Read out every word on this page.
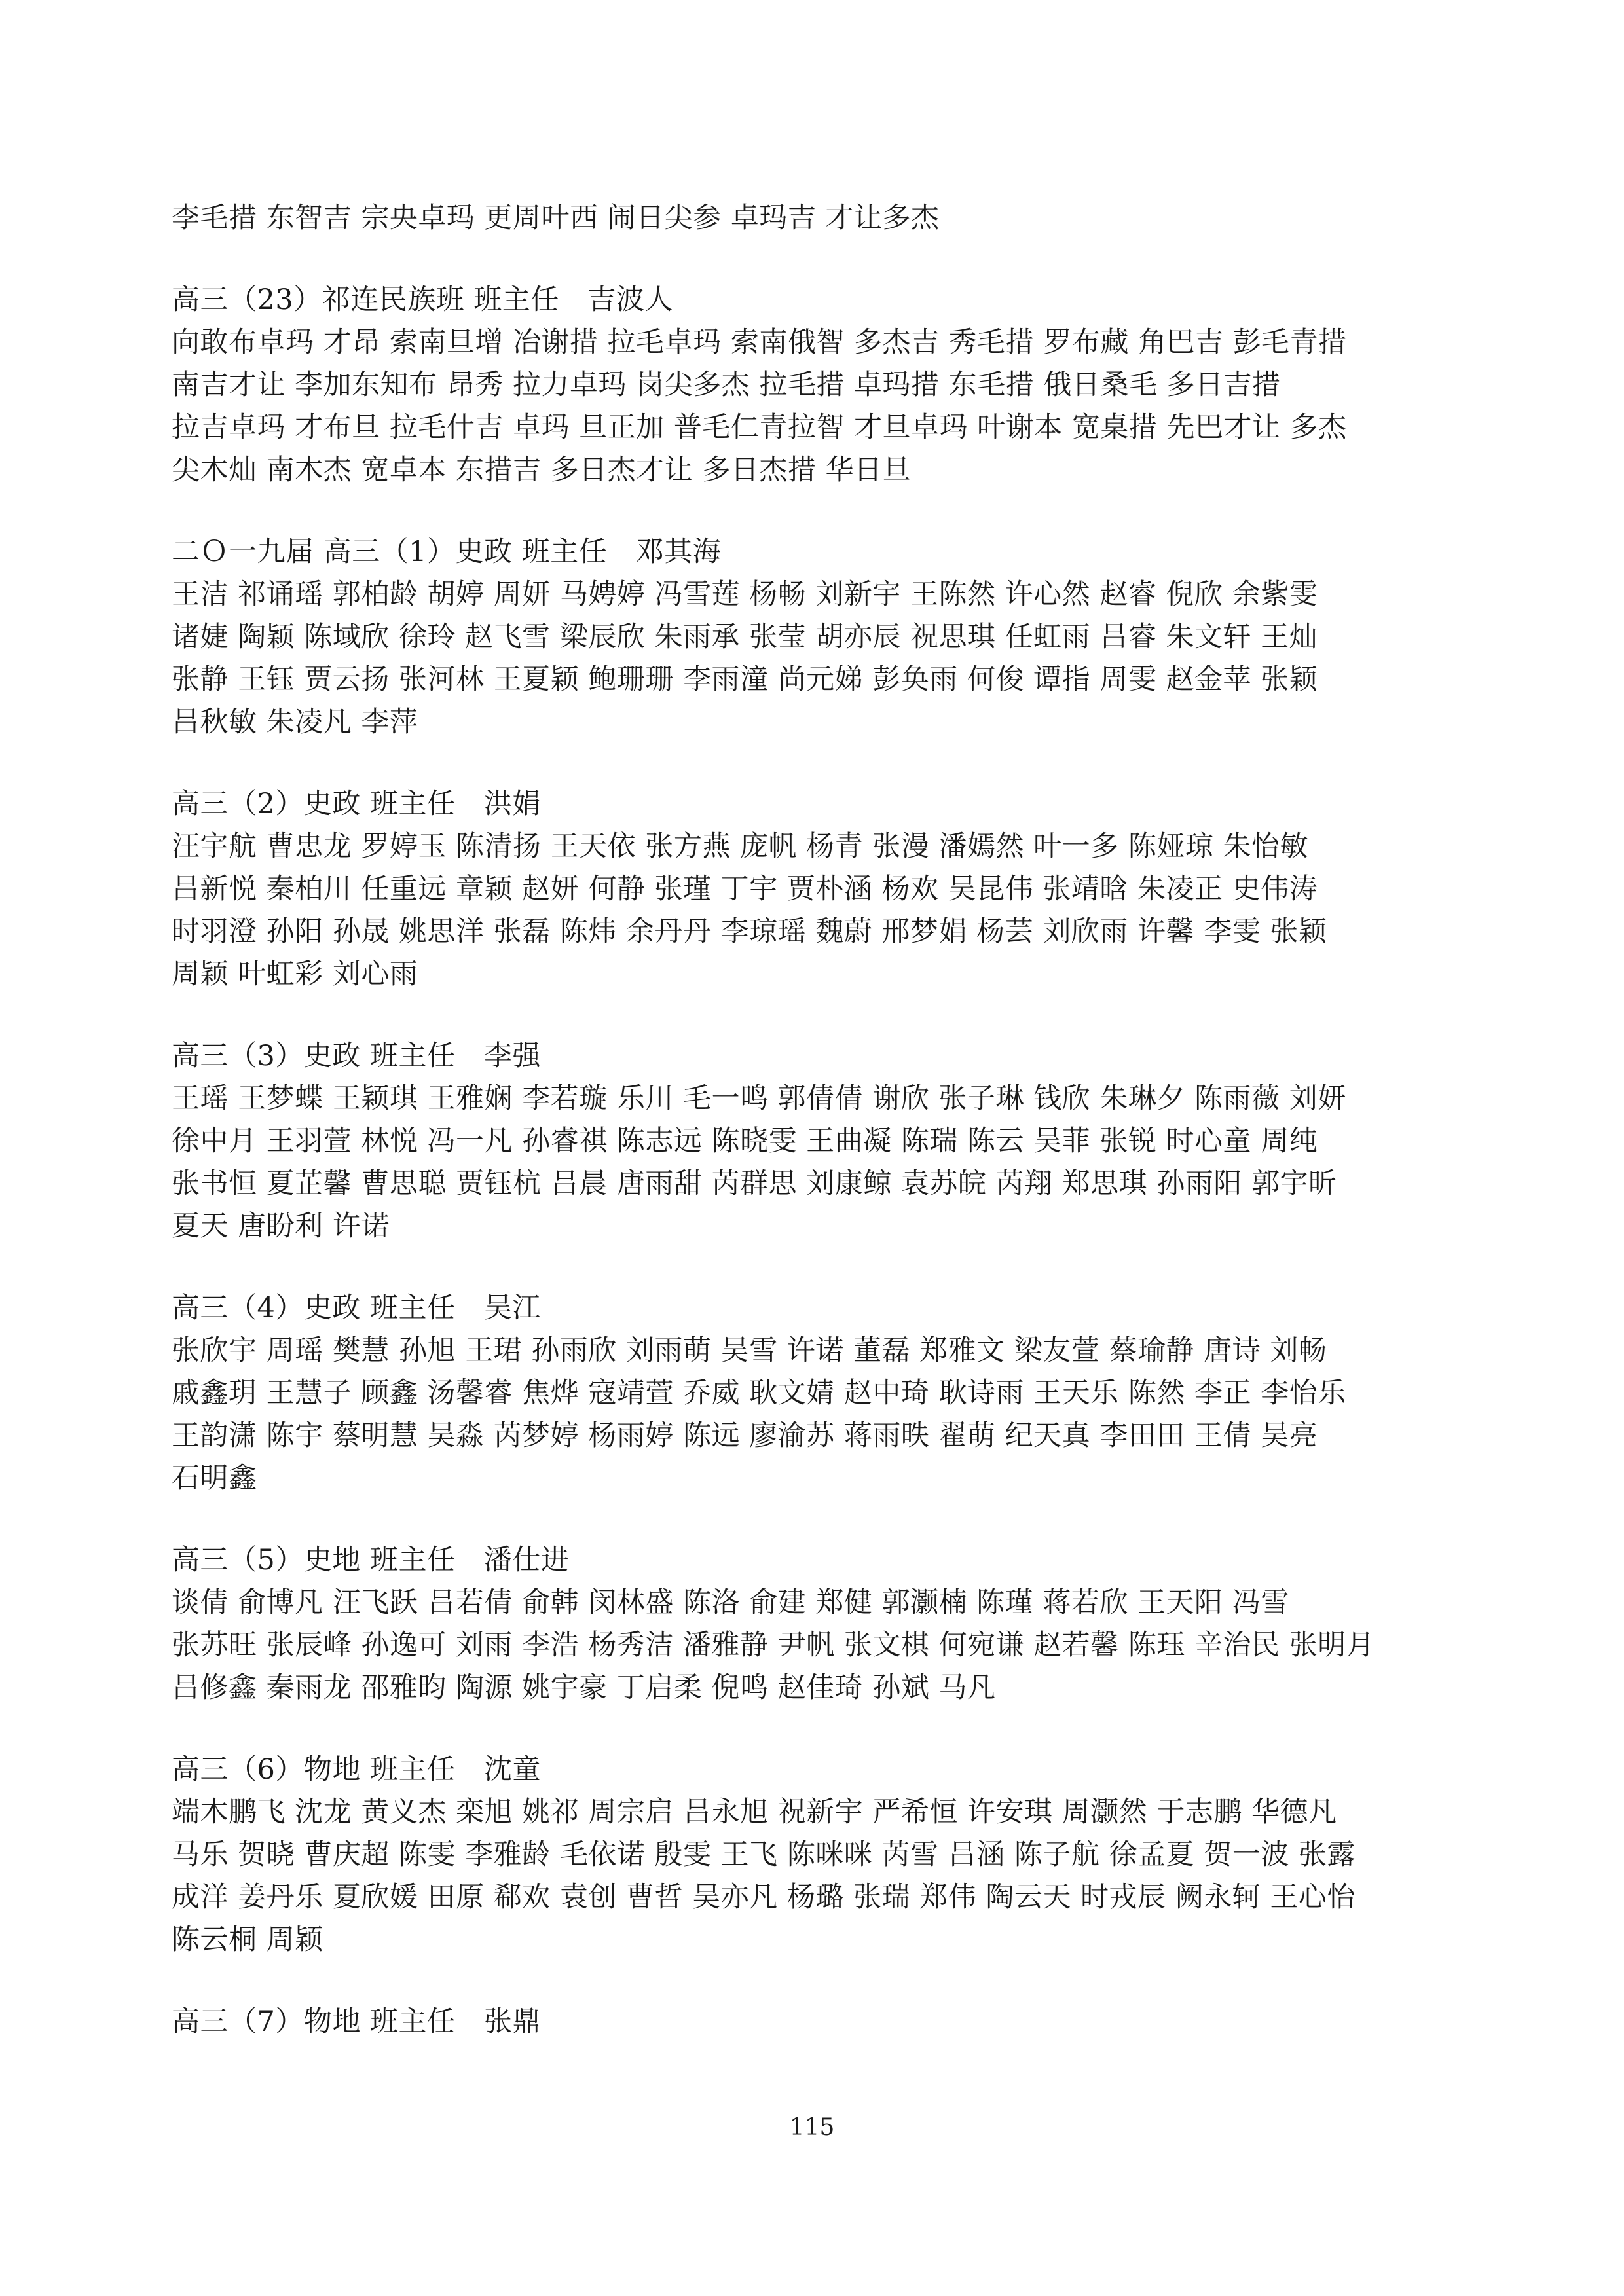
李毛措 东智吉 宗央卓玛 更周叶西 闹日尖参 卓玛吉 才让多杰
高三（23）祁连民族班 班主任　吉波人
向敢布卓玛 才昂 索南旦增 冶谢措 拉毛卓玛 索南俄智 多杰吉 秀毛措 罗布藏 角巴吉 彭毛青措
南吉才让 李加东知布 昂秀 拉力卓玛 岗尖多杰 拉毛措 卓玛措 东毛措 俄日桑毛 多日吉措
拉吉卓玛 才布旦 拉毛什吉 卓玛 旦正加 普毛仁青拉智 才旦卓玛 叶谢本 宽桌措 先巴才让 多杰
尖木灿 南木杰 宽卓本 东措吉 多日杰才让 多日杰措 华日旦
二Ｏ一九届 高三（1）史政 班主任　邓其海
王洁 祁诵瑶 郭柏龄 胡婷 周妍 马娉婷 冯雪莲 杨畅 刘新宇 王陈然 许心然 赵睿 倪欣 余紫雯
诸婕 陶颖 陈域欣 徐玲 赵飞雪 梁辰欣 朱雨承 张莹 胡亦辰 祝思琪 任虹雨 吕睿 朱文轩 王灿
张静 王钰 贾云扬 张河林 王夏颖 鲍珊珊 李雨潼 尚元娣 彭奂雨 何俊 谭指 周雯 赵金苹 张颖
吕秋敏 朱凌凡 李萍
高三（2）史政 班主任　洪娟
汪宇航 曹忠龙 罗婷玉 陈清扬 王天依 张方燕 庞帆 杨青 张漫 潘嫣然 叶一多 陈娅琼 朱怡敏
吕新悦 秦柏川 任重远 章颖 赵妍 何静 张瑾 丁宇 贾朴涵 杨欢 吴昆伟 张靖晗 朱凌正 史伟涛
时羽澄 孙阳 孙晟 姚思洋 张磊 陈炜 余丹丹 李琼瑶 魏蔚 邢梦娟 杨芸 刘欣雨 许馨 李雯 张颖
周颖 叶虹彩 刘心雨
高三（3）史政 班主任　李强
王瑶 王梦蝶 王颖琪 王雅娴 李若璇 乐川 毛一鸣 郭倩倩 谢欣 张子琳 钱欣 朱琳夕 陈雨薇 刘妍
徐中月 王羽萱 林悦 冯一凡 孙睿祺 陈志远 陈晓雯 王曲凝 陈瑞 陈云 吴菲 张锐 时心童 周纯
张书恒 夏芷馨 曹思聪 贾钰杭 吕晨 唐雨甜 芮群思 刘康鲸 袁苏皖 芮翔 郑思琪 孙雨阳 郭宇昕
夏天 唐盼利 许诺
高三（4）史政 班主任　吴江
张欣宇 周瑶 樊慧 孙旭 王珺 孙雨欣 刘雨萌 吴雪 许诺 董磊 郑雅文 梁友萱 蔡瑜静 唐诗 刘畅
戚鑫玥 王慧子 顾鑫 汤馨睿 焦烨 寇靖萱 乔威 耿文婧 赵中琦 耿诗雨 王天乐 陈然 李正 李怡乐
王韵潇 陈宇 蔡明慧 吴淼 芮梦婷 杨雨婷 陈远 廖渝苏 蒋雨昳 翟萌 纪天真 李田田 王倩 吴亮
石明鑫
高三（5）史地 班主任　潘仕进
谈倩 俞博凡 汪飞跃 吕若倩 俞韩 闵林盛 陈洛 俞建 郑健 郭灏楠 陈瑾 蒋若欣 王天阳 冯雪
张苏旺 张辰峰 孙逸可 刘雨 李浩 杨秀洁 潘雅静 尹帆 张文棋 何宛谦 赵若馨 陈珏 辛治民 张明月
吕修鑫 秦雨龙 邵雅昀 陶源 姚宇豪 丁启柔 倪鸣 赵佳琦 孙斌 马凡
高三（6）物地 班主任　沈童
端木鹏飞 沈龙 黄义杰 栾旭 姚祁 周宗启 吕永旭 祝新宇 严希恒 许安琪 周灏然 于志鹏 华德凡
马乐 贺晓 曹庆超 陈雯 李雅龄 毛依诺 殷雯 王飞 陈咪咪 芮雪 吕涵 陈子航 徐孟夏 贺一波 张露
成洋 姜丹乐 夏欣媛 田原 郗欢 袁创 曹哲 吴亦凡 杨璐 张瑞 郑伟 陶云天 时戎辰 阙永轲 王心怡
陈云桐 周颖
高三（7）物地 班主任　张鼎
115
